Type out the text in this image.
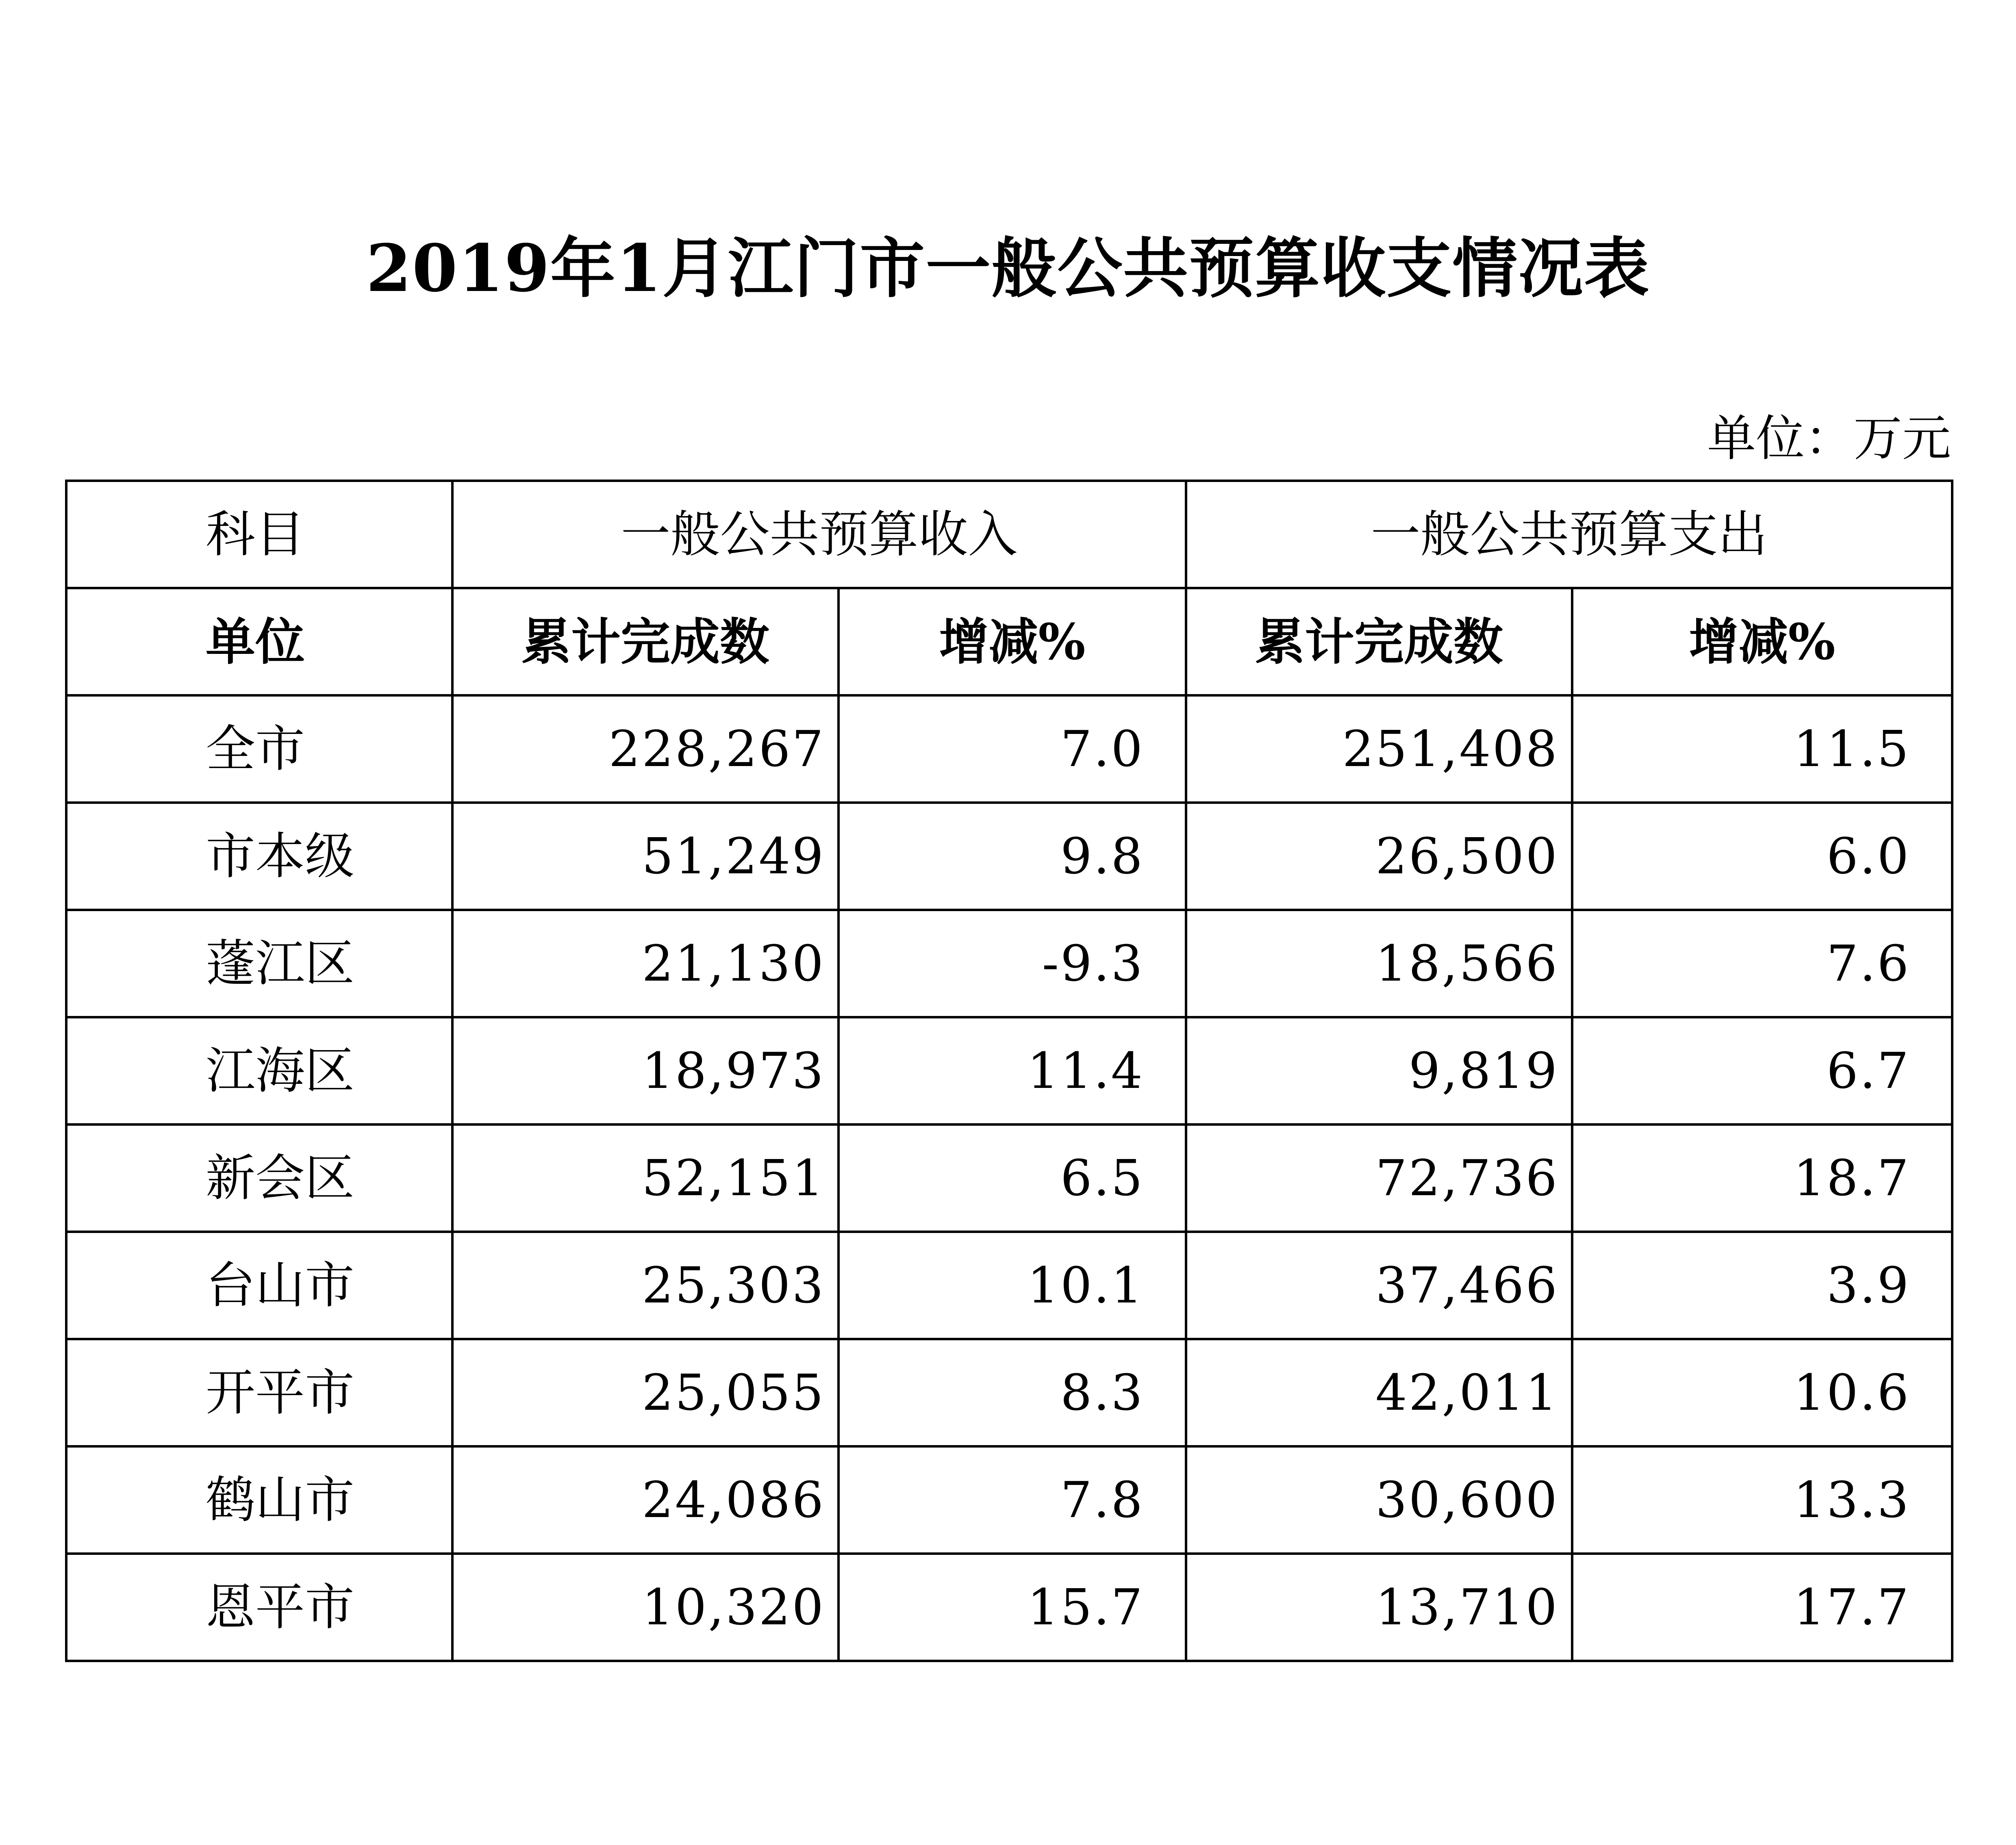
2019年1月江门市一般公共预算收支情况表
单位：万元
科目	一般公共预算收入		一般公共预算支出	
单位	累计完成数	增减%	累计完成数	增减%
全市	228,267	7.0	251,408	11.5
市本级	51,249	9.8	26,500	6.0
蓬江区	21,130	-9.3	18,566	7.6
江海区	18,973	11.4	9,819	6.7
新会区	52,151	6.5	72,736	18.7
台山市	25,303	10.1	37,466	3.9
开平市	25,055	8.3	42,011	10.6
鹤山市	24,086	7.8	30,600	13.3
恩平市	10,320	15.7	13,710	17.7
